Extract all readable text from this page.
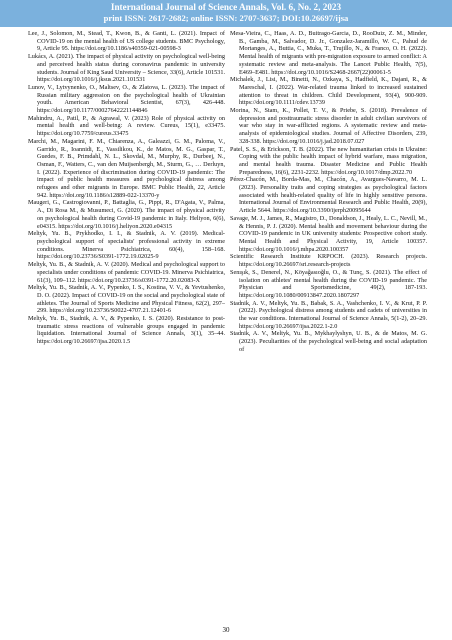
International Journal of Science Annals, Vol. 6, No. 2, 2023
print ISSN: 2617-2682; online ISSN: 2707-3637; DOI:10.26697/ijsa

Lee, J., Solomon, M., Stead, T., Kwon, B., & Ganti, L. (2021). Impact of COVID-19 on the mental health of US college students. BMC Psychology, 9, Article 95. https://doi.org/10.1186/s40359-021-00598-3

Lukács, A. (2021). The impact of physical activity on psychological well-being and perceived health status during coronavirus pandemic in university students. Journal of King Saud University – Science, 33(6), Article 101531. https://doi.org/10.1016/j.jksus.2021.101531

Lunov, V., Lytvynenko, O., Maltsev, O., & Zlatova, L. (2023). The impact of Russian military aggression on the psychological health of Ukrainian youth. American Behavioral Scientist, 67(3), 426-448. https://doi.org/10.1177/00027642221144846

Mahindru, A., Patil, P., & Agrawal, V. (2023) Role of physical activity on mental health and well-being: A review. Cureus, 15(1), e33475. https://doi.org/10.7759/cureus.33475

Marchi, M., Magarini, F. M., Chiarenza, A., Galeazzi, G. M., Paloma, V., Garrido, R., Ioannidi, E., Vassilikou, K., de Matos, M. G., Gaspar, T., Guedes, F. B., Primdahl, N. L., Skovdal, M., Murphy, R., Durbeej, N., Osman, F., Watters, C., van den Muijsenbergh, M., Sturm, G., … Derluyn, I. (2022). Experience of discrimination during COVID-19 pandemic: The impact of public health measures and psychological distress among refugees and other migrants in Europe. BMC Public Health, 22, Article 942. https://doi.org/10.1186/s12889-022-13370-y

Maugeri, G., Castrogiovanni, P., Battaglia, G., Pippi, R., D'Agata, V., Palma, A., Di Rosa M., & Musumeci, G. (2020). The impact of physical activity on psychological health during Covid-19 pandemic in Italy. Heliyon, 6(6), e04315. https://doi.org/10.1016/j.heliyon.2020.e04315

Meltyk, Yu. B., Prykhodko, I. I., & Stadnik, A. V. (2019). Medical-psychological support of specialists' professional activity in extreme conditions. Minerva Psichiatrica, 60(4), 158–168. https://doi.org/10.23736/S0391-1772.19.02025-9

Meltyk, Yu. B., & Stadnik, A. V. (2020). Medical and psychological support to specialists under conditions of pandemic COVID-19. Minerva Psichiatrica, 61(3), 109–112. https://doi.org/10.23736/s0391-1772.20.02083-X

Meltyk, Yu. B., Stadnik, A. V., Pypenko, I. S., Kostina, V. V., & Yevtushenko, D. O. (2022). Impact of COVID-19 on the social and psychological state of athletes. The Journal of Sports Medicine and Physical Fitness, 62(2), 297–299. https://doi.org/10.23736/S0022-4707.21.12401-6

Meltyk, Yu. B., Stadnik, A. V., & Pypenko, I. S. (2020). Resistance to post-traumatic stress reactions of vulnerable groups engaged in pandemic liquidation. International Journal of Science Annals, 3(1), 35–44. https://doi.org/10.26697/ijsa.2020.1.5

Mesa-Vieira, C., Haas, A. D., Buitrago-Garcia, D., RooDuiz, Z. M., Minder, B., Gamba, M., Salvador, D. Jr., Gonzalez-Jaramillo, W. C., Pahud de Mortanges, A., Buttia, C., Muka, T., Trujillo, N., & Franco, O. H. (2022). Mental health of migrants with pre-migration exposure to armed conflict: A systematic review and meta-analysis. The Lancet Public Health, 7(5), E469–E481. https://doi.org/10.1016/S2468-2667(22)00061-5

Michalek, J., Lisi, M., Binetti, N., Ozkaya, S., Hadfield, K., Dajani, R., & Mareschal, I. (2022). War-related trauma linked to increased sustained attention to threat in children. Child Development, 93(4), 900-909. https://doi.org/10.1111/cdev.13739

Morina, N., Stam, K., Pollet, T. V., & Priebe, S. (2018). Prevalence of depression and posttraumatic stress disorder in adult civilian survivors of war who stay in war-afflicted regions. A systematic review and meta-analysis of epidemiological studies. Journal of Affective Disorders, 239, 328-338. https://doi.org/10.1016/j.jad.2018.07.027

Patel, S. S., & Erickson, T. B. (2022). The new humanitarian crisis in Ukraine: Coping with the public health impact of hybrid warfare, mass migration, and mental health trauma. Disaster Medicine and Public Health Preparedness, 16(6), 2231-2232. https://doi.org/10.1017/dmp.2022.70

Pérez-Chacón, M., Borda-Mas, M., Chacón, A., Avargues-Navarro, M. L. (2023). Personality traits and coping strategies as psychological factors associated with health-related quality of life in highly sensitive persons. International Journal of Environmental Research and Public Health, 20(9), Article 5644. https://doi.org/10.3390/ijerph20095644

Savage, M. J., James, R., Magistro, D., Donaldson, J., Healy, L. C., Nevill, M., & Hennis, P. J. (2020). Mental health and movement behaviour during the COVID-19 pandemic in UK university students: Prospective cohort study. Mental Health and Physical Activity, 19, Article 100357. https://doi.org/10.1016/j.mhpa.2020.100357

Scientific Research Institute KRPOCH. (2023). Research projects. https://doi.org/10.26697/sri.research-projects

Senışık, S., Denerel, N., Köyağasıoğlu, O., & Tunç, S. (2021). The effect of isolation on athletes' mental health during the COVID-19 pandemic. The Physician and Sportsmedicine, 49(2), 187-193. https://doi.org/10.1080/00913847.2020.1807297

Stadnik, A. V., Meltyk, Yu. B., Babak, S. A., Vashchenko, I. V., & Krut, P. P. (2022). Psychological distress among students and cadets of universities in the war conditions. International Journal of Science Annals, 5(1-2), 20–29. https://doi.org/10.26697/ijsa.2022.1-2.0

Stadnik, A. V., Meltyk, Yu. B., Mykhaylyshyn, U. B., & de Matos, M. G. (2023). Peculiarities of the psychological well-being and social adaptation of

30
